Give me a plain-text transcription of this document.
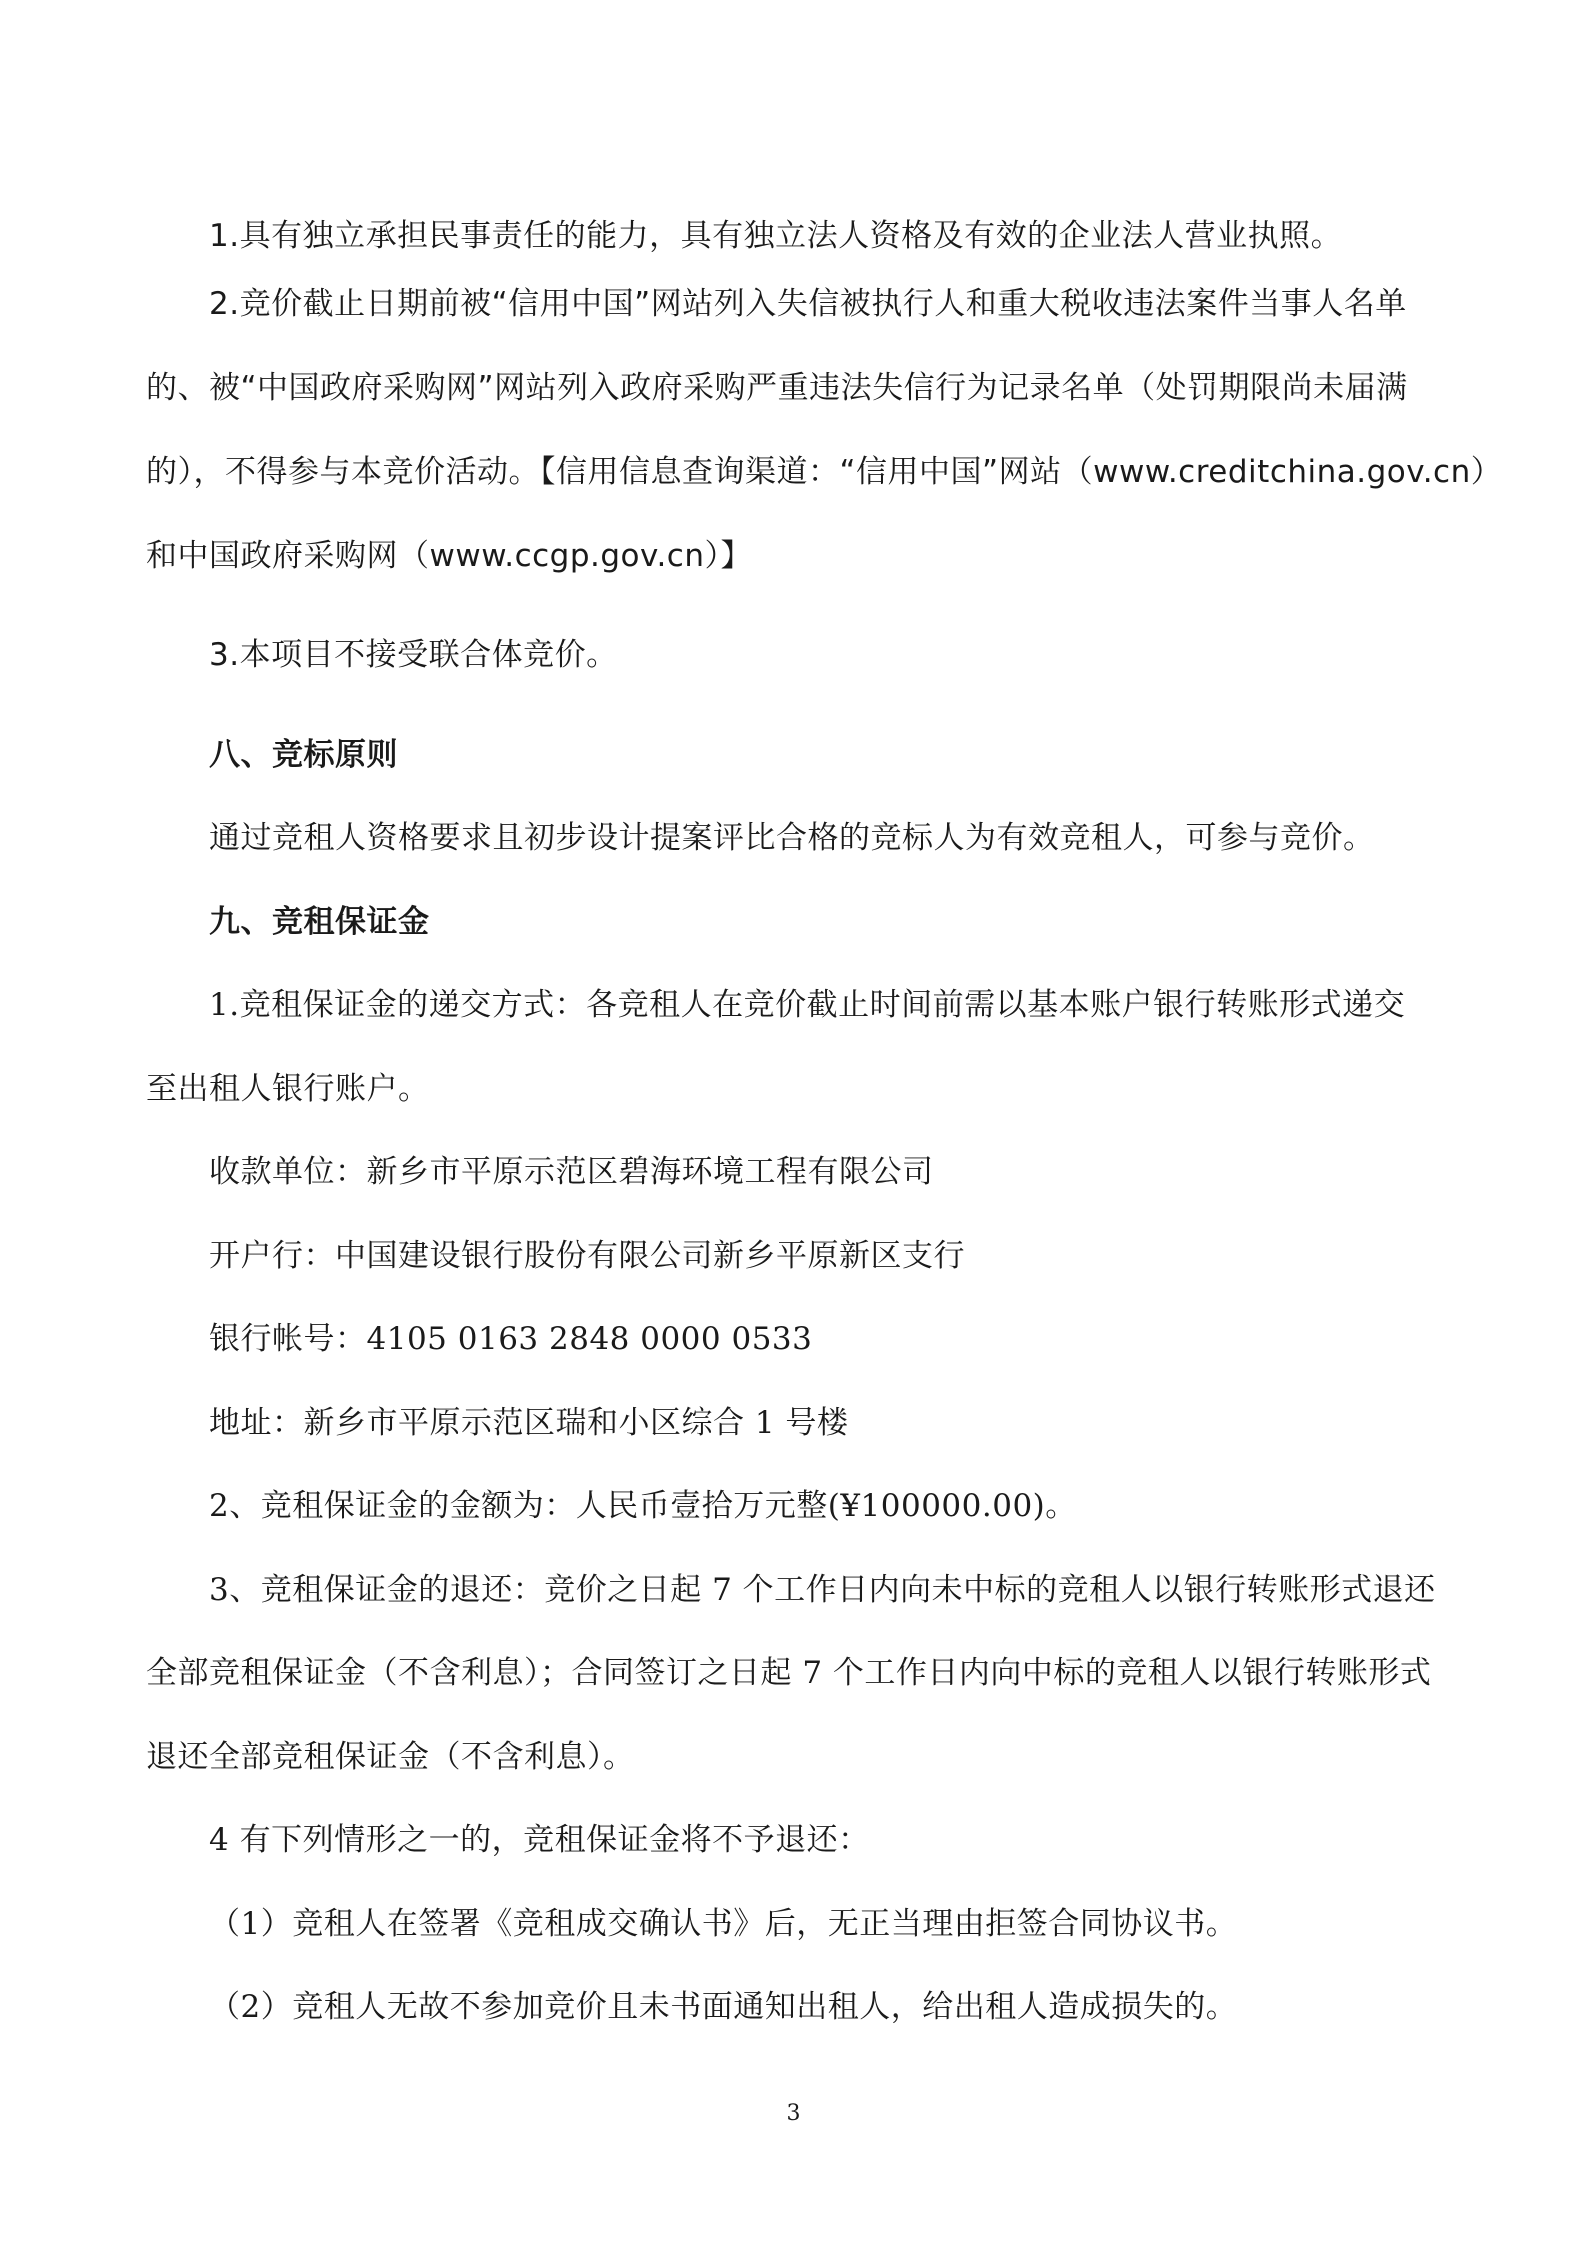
1.具有独立承担民事责任的能力，具有独立法人资格及有效的企业法人营业执照。
2.竞价截止日期前被“信用中国”网站列入失信被执行人和重大税收违法案件当事人名单
的、被“中国政府采购网”网站列入政府采购严重违法失信行为记录名单（处罚期限尚未届满
的），不得参与本竞价活动。【信用信息查询渠道：“信用中国”网站（www.creditchina.gov.cn）
和中国政府采购网（www.ccgp.gov.cn）】
3.本项目不接受联合体竞价。
八、竞标原则
通过竞租人资格要求且初步设计提案评比合格的竞标人为有效竞租人，可参与竞价。
九、竞租保证金
1.竞租保证金的递交方式：各竞租人在竞价截止时间前需以基本账户银行转账形式递交
至出租人银行账户。
收款单位：新乡市平原示范区碧海环境工程有限公司
开户行：中国建设银行股份有限公司新乡平原新区支行
银行帐号：4105 0163 2848 0000 0533
地址：新乡市平原示范区瑞和小区综合 1 号楼
2、竞租保证金的金额为：人民币壹拾万元整(¥100000.00)。
3、竞租保证金的退还：竞价之日起 7 个工作日内向未中标的竞租人以银行转账形式退还
全部竞租保证金（不含利息）；合同签订之日起 7 个工作日内向中标的竞租人以银行转账形式
退还全部竞租保证金（不含利息）。
4 有下列情形之一的，竞租保证金将不予退还：
（1）竞租人在签署《竞租成交确认书》后，无正当理由拒签合同协议书。
（2）竞租人无故不参加竞价且未书面通知出租人，给出租人造成损失的。
3
